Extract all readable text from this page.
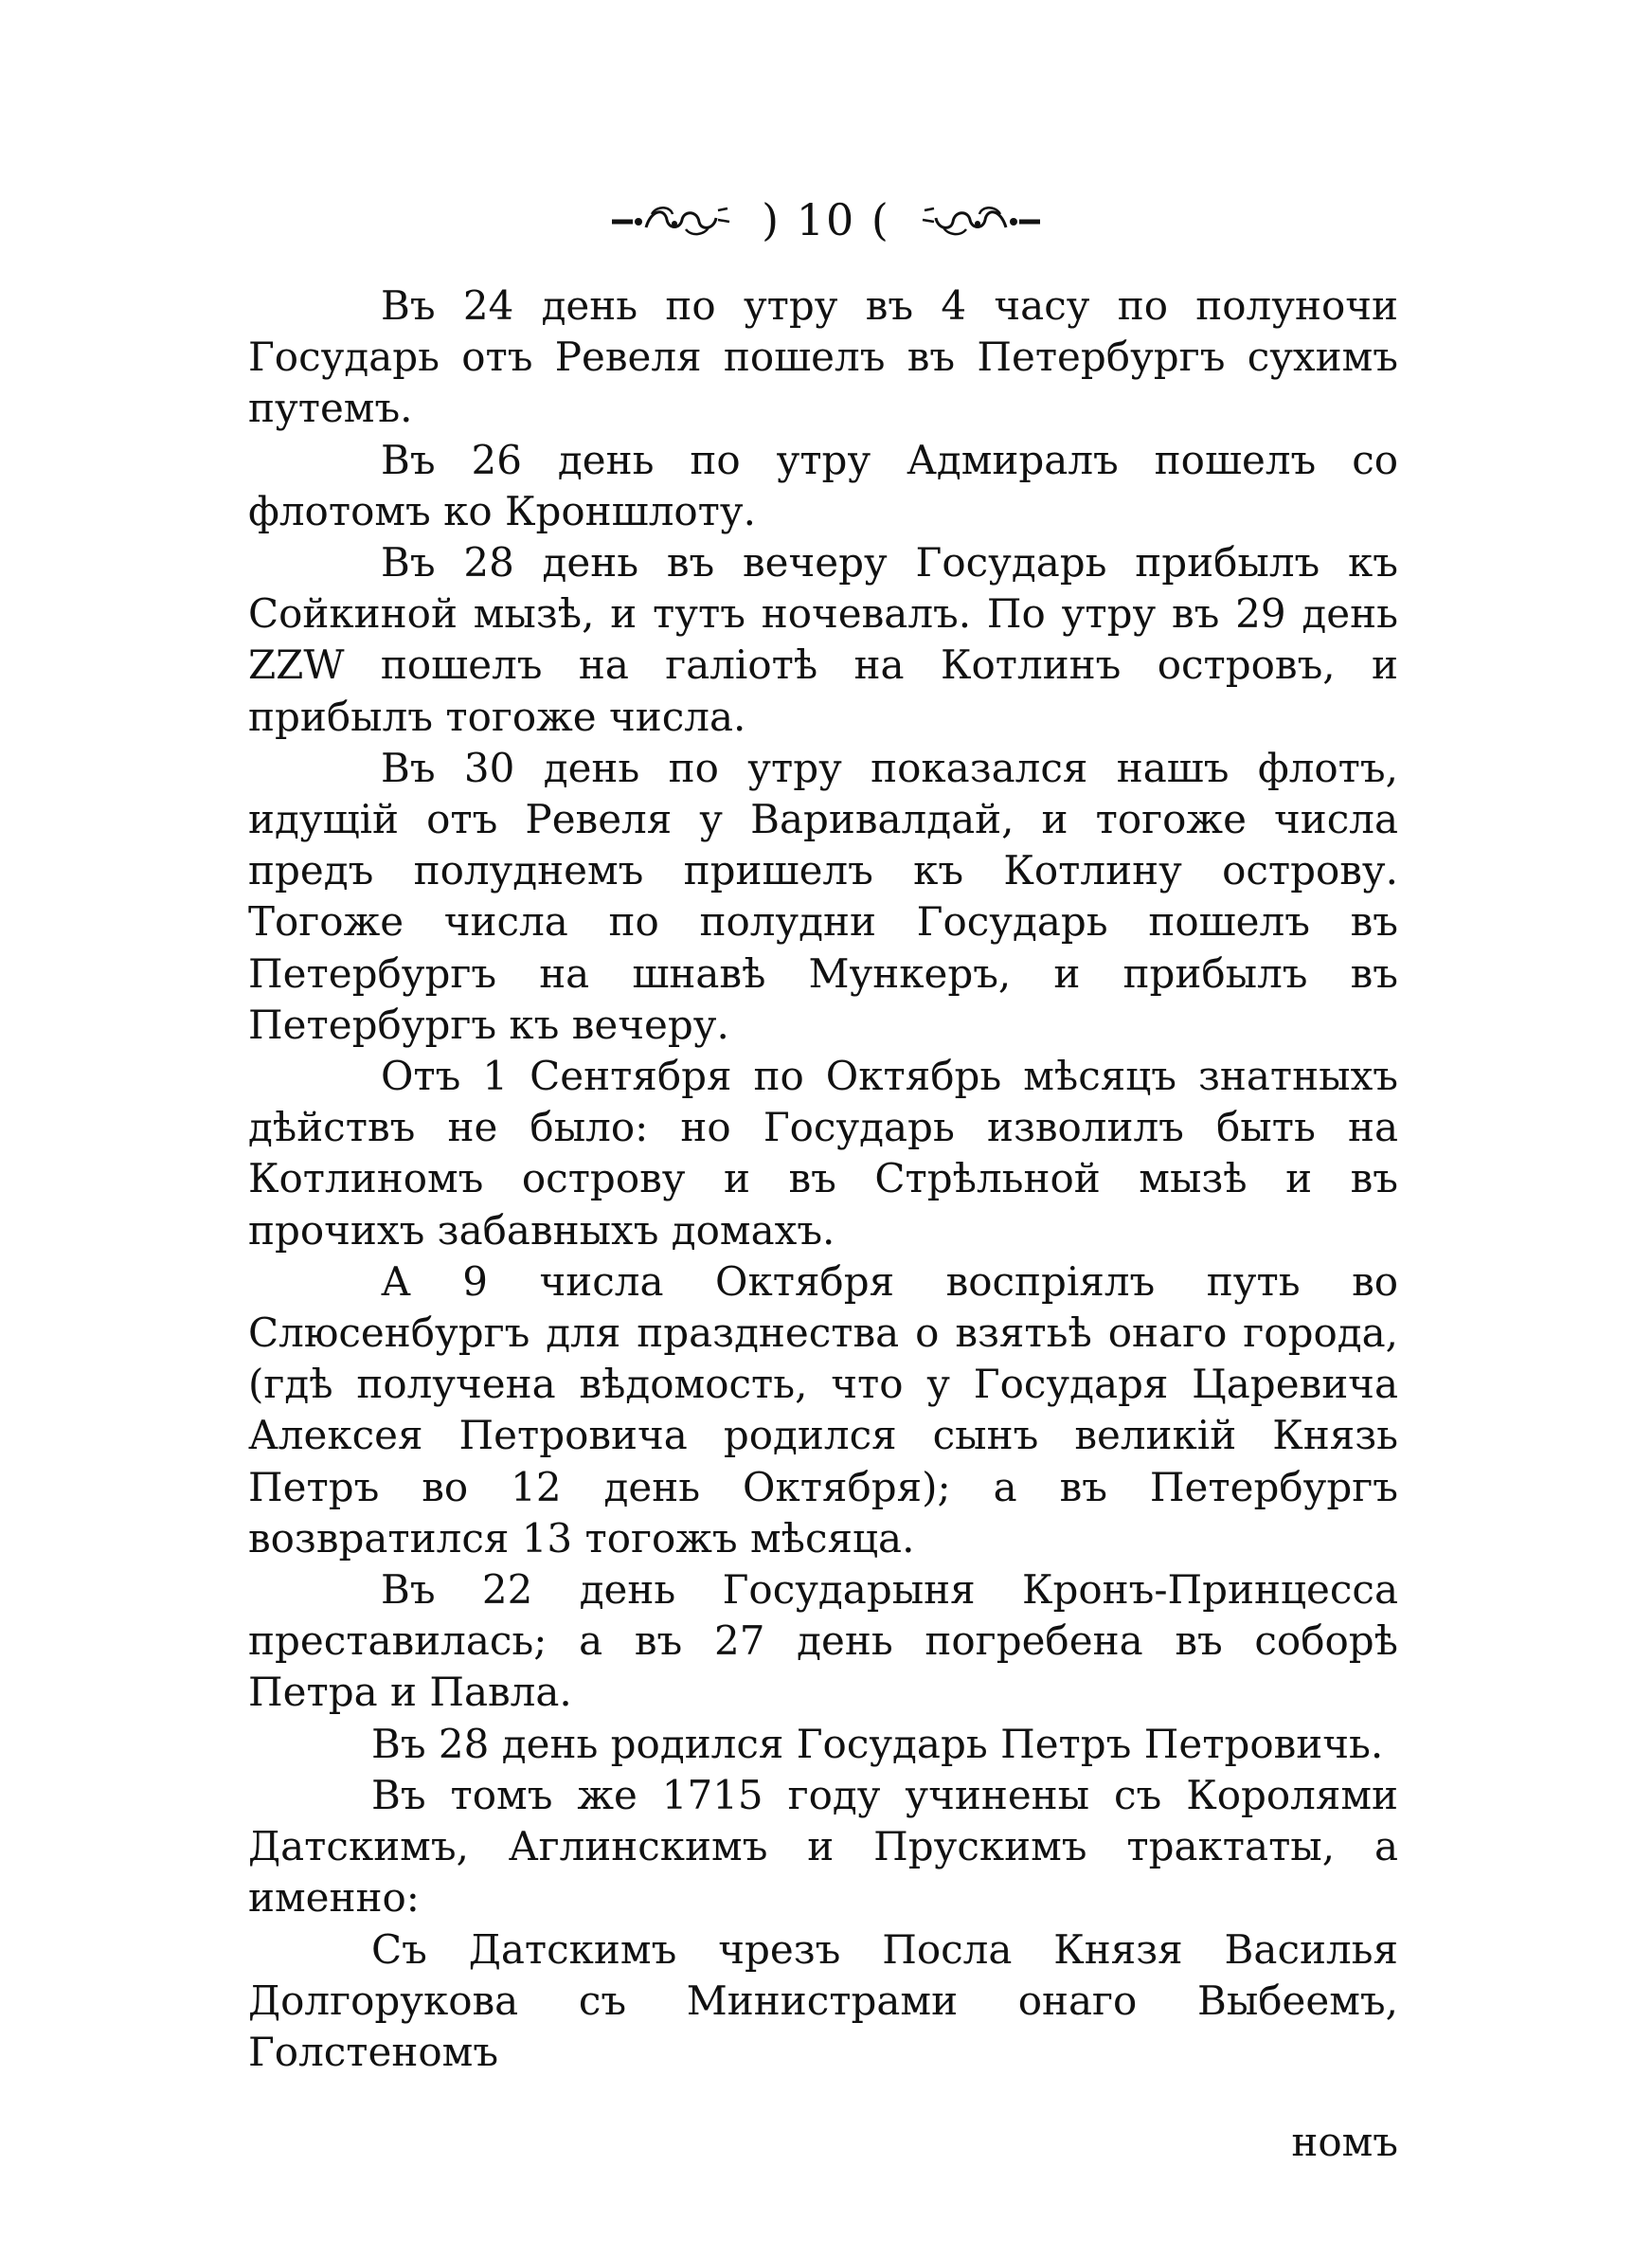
) 10 (

Въ 24 день по утру въ 4 часу по полуночи Государь отъ Ревеля пошелъ въ Петербургъ сухимъ путемъ.

Въ 26 день по утру Адмиралъ пошелъ со флотомъ ко Кроншлоту.

Въ 28 день въ вечеру Государь прибылъ къ Сойкиной мызѣ, и тутъ ночевалъ. По утру въ 29 день ZZW пошелъ на галіотѣ на Котлинъ островъ, и прибылъ тогоже числа.

Въ 30 день по утру показался нашъ флотъ, идущій отъ Ревеля у Варивалдай, и тогоже числа предъ полуднемъ пришелъ къ Котлину острову. Тогоже числа по полудни Государь пошелъ въ Петербургъ на шнавѣ Мункеръ, и прибылъ въ Петербургъ къ вечеру.

Отъ 1 Сентября по Октябрь мѣсяцъ знатныхъ дѣйствъ не было: но Государь изволилъ быть на Котлиномъ острову и въ Стрѣльной мызѣ и въ прочихъ забавныхъ домахъ.

А 9 числа Октября воспріялъ путь во Слюсенбургъ для празднества о взятьѣ онаго города, (гдѣ получена вѣдомость, что у Государя Царевича Алексея Петровича родился сынъ великій Князь Петръ во 12 день Октября); а въ Петербургъ возвратился 13 тогожъ мѣсяца.

Въ 22 день Государыня Кронъ-Принцесса преставилась; а въ 27 день погребена въ соборѣ Петра и Павла.

Въ 28 день родился Государь Петръ Петровичь.

Въ томъ же 1715 году учинены съ Королями Датскимъ, Аглинскимъ и Прускимъ трактаты, а именно:

Съ Датскимъ чрезъ Посла Князя Василья Долгорукова съ Министрами онаго Выбеемъ, Голстеномъ

номъ
